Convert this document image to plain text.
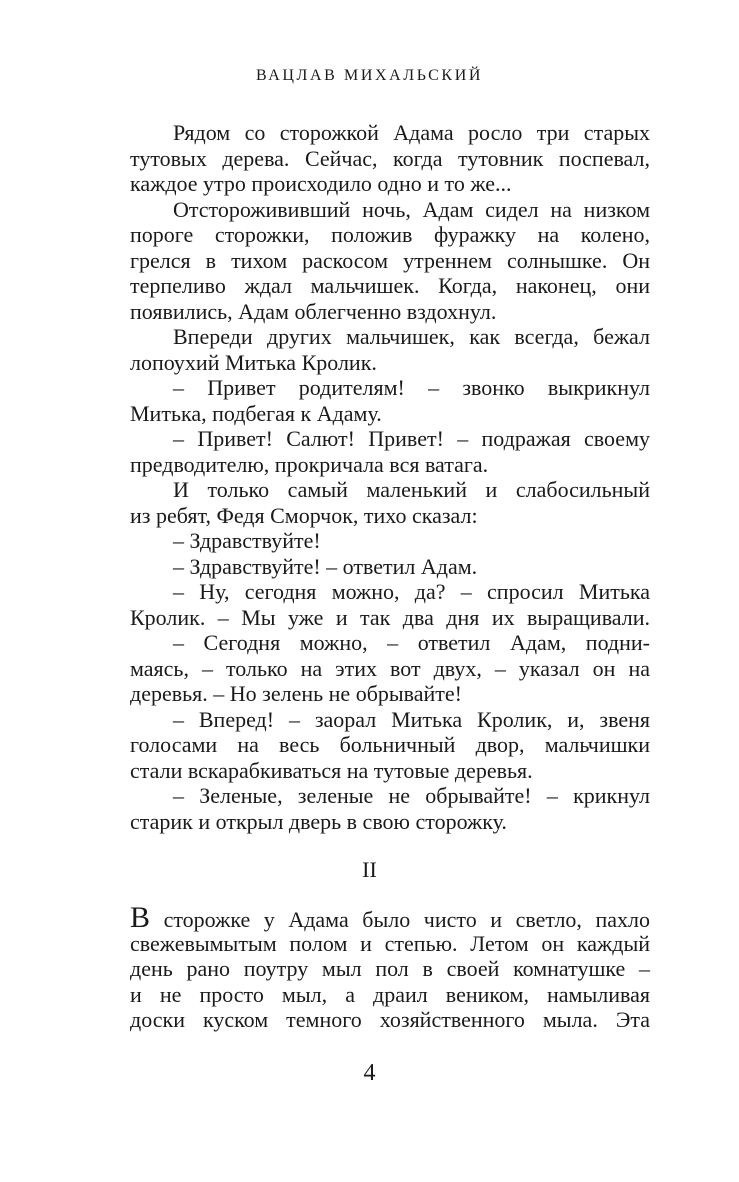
ВАЦЛАВ МИХАЛЬСКИЙ
Рядом со сторожкой Адама росло три старых
тутовых дерева. Сейчас, когда тутовник поспевал,
каждое утро происходило одно и то же...
Отсторожививший ночь, Адам сидел на низком
пороге сторожки, положив фуражку на колено,
грелся в тихом раскосом утреннем солнышке. Он
терпеливо ждал мальчишек. Когда, наконец, они
появились, Адам облегченно вздохнул.
Впереди других мальчишек, как всегда, бежал
лопоухий Митька Кролик.
– Привет родителям! – звонко выкрикнул
Митька, подбегая к Адаму.
– Привет! Салют! Привет! – подражая своему
предводителю, прокричала вся ватага.
И только самый маленький и слабосильный
из ребят, Федя Сморчок, тихо сказал:
– Здравствуйте!
– Здравствуйте! – ответил Адам.
– Ну, сегодня можно, да? – спросил Митька
Кролик. – Мы уже и так два дня их выращивали.
– Сегодня можно, – ответил Адам, подни-
маясь, – только на этих вот двух, – указал он на
деревья. – Но зелень не обрывайте!
– Вперед! – заорал Митька Кролик, и, звеня
голосами на весь больничный двор, мальчишки
стали вскарабкиваться на тутовые деревья.
– Зеленые, зеленые не обрывайте! – крикнул
старик и открыл дверь в свою сторожку.
II
В сторожке у Адама было чисто и светло, пахло
свежевымытым полом и степью. Летом он каждый
день рано поутру мыл пол в своей комнатушке –
и не просто мыл, а драил веником, намыливая
доски куском темного хозяйственного мыла. Эта
4
